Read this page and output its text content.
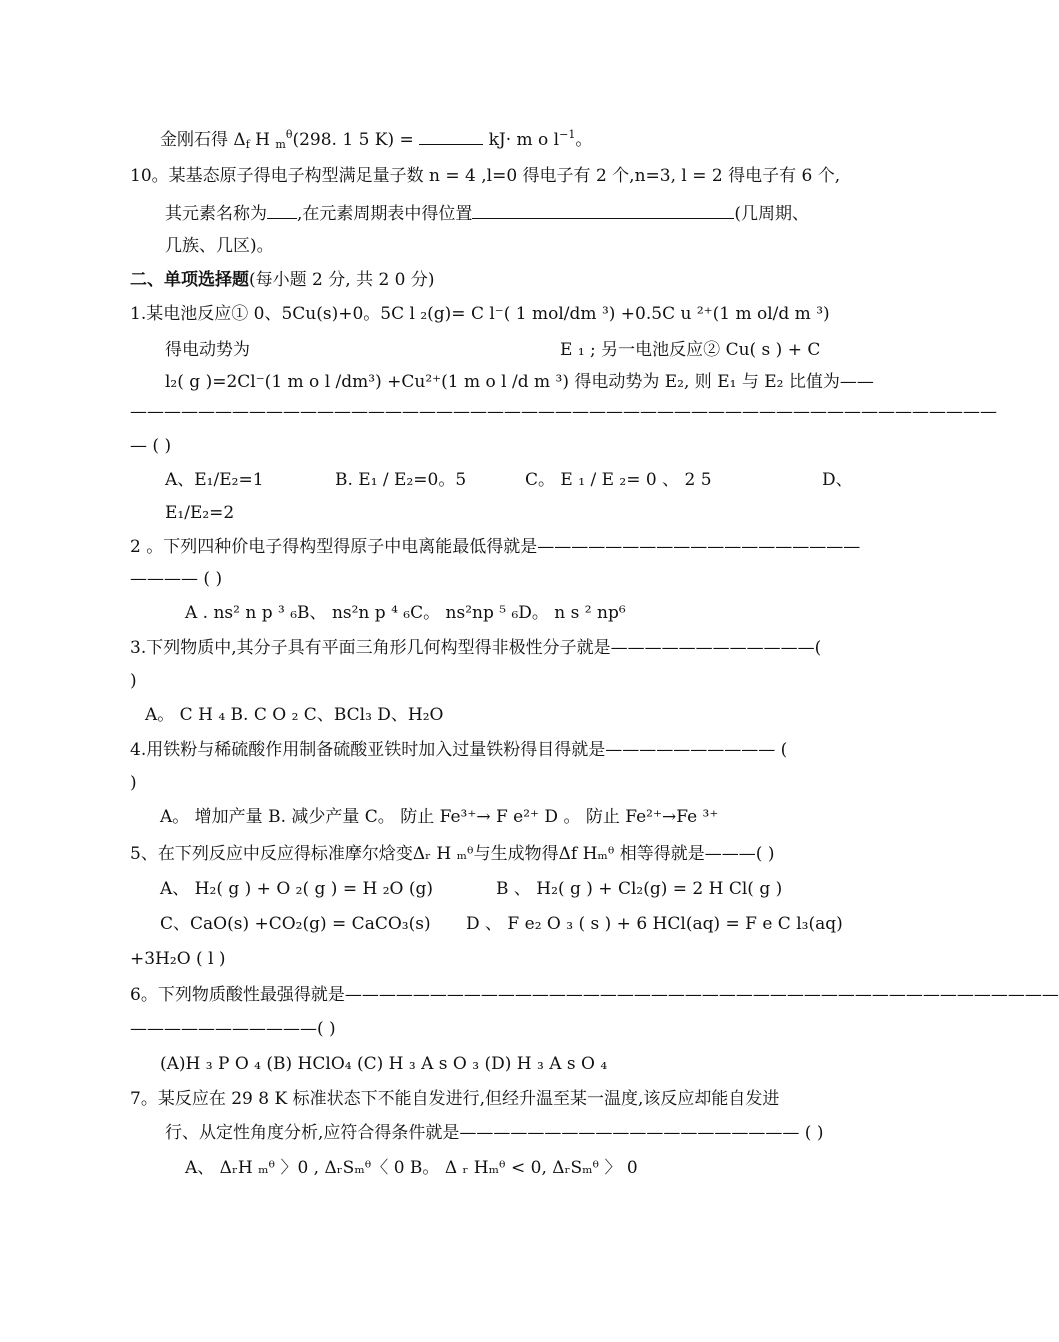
金刚石得 $\Delta_f$ H $_m^\theta$(298. 1 5 K) =	kJ· m o $l^{-1}$。
10。某基态原子得电子构型满足量子数 n = 4 ,l=0 得电子有 2 个,n=3, l = 2 得电子有 6 个,
其元素名称为 ,在元素周期表中得位置	(几周期、
几族、几区)。
二、单项选择题(每小题 2 分, 共 2 0 分)
1.某电池反应① 0、5Cu(s)+0。5C l ₂(g)= C l⁻( 1 mol/dm ³) +0.5C u ²⁺(1 m ol/d m ³)
得电动势为	E ₁ ; 另一电池反应② Cu( s ) + C
l₂( g )=2Cl⁻(1 m o l /dm³) +Cu²⁺(1 m o l /d m ³) 得电动势为 E₂, 则 E₁ 与 E₂ 比值为——
———————————————————————————————————————————————————
— ( )
A、E₁/E₂=1	B. E₁ / E₂=0。5	C。 E ₁ / E ₂= 0 、 2 5	D、
E₁/E₂=2
2 。下列四种价电子得构型得原子中电离能最低得就是———————————————————
———— ( )
A . ns² n p ³ ₆B、 ns²n p ⁴ ₆C。 ns²np ⁵ ₆D。 n s ² np⁶
3.下列物质中,其分子具有平面三角形几何构型得非极性分子就是————————————(
)
A。 C H ₄ B. C O ₂ C、BCl₃ D、H₂O
4.用铁粉与稀硫酸作用制备硫酸亚铁时加入过量铁粉得目得就是—————————— (
)
A。 增加产量 B. 减少产量 C。 防止 Fe³⁺→ F e²⁺ D 。 防止 Fe²⁺→Fe ³⁺
5、在下列反应中反应得标准摩尔焓变Δᵣ H ₘᶿ与生成物得Δf Hₘᶿ 相等得就是———( )
A、 H₂( g ) + O ₂( g ) = H ₂O (g)	B 、 H₂( g ) + Cl₂(g) = 2 H Cl( g )
C、CaO(s) +CO₂(g) = CaCO₃(s) D 、 F e₂ O ₃ ( s ) + 6 HCl(aq) = F e C l₃(aq)
+3H₂O ( l )
6。下列物质酸性最强得就是——————————————————————————————————————————
———————————( )
(A)H ₃ P O ₄ (B) HClO₄ (C) H ₃ A s O ₃ (D) H ₃ A s O ₄
7。某反应在 29 8 K 标准状态下不能自发进行,但经升温至某一温度,该反应却能自发进
行、从定性角度分析,应符合得条件就是———————————————————— ( )
A、 ΔᵣH ₘᶿ 〉0 , ΔᵣSₘᶿ〈 0 B。 Δ ᵣ Hₘᶿ < 0, ΔᵣSₘᶿ 〉 0
